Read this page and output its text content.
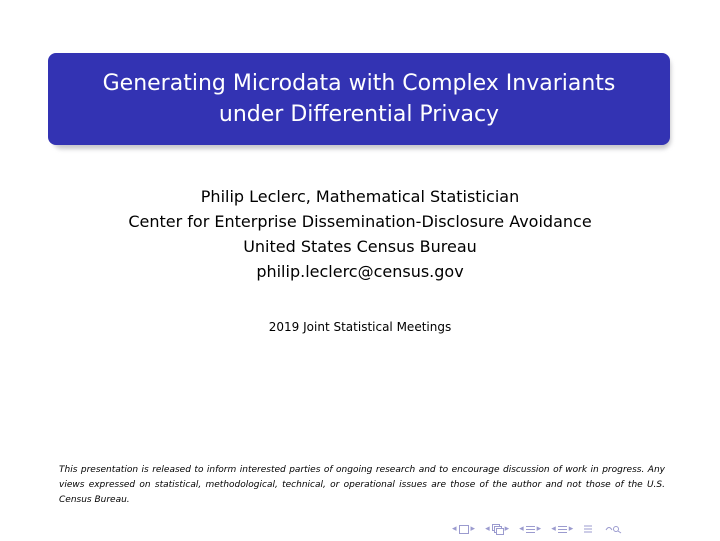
Generating Microdata with Complex Invariants
under Differential Privacy
Philip Leclerc, Mathematical Statistician
Center for Enterprise Dissemination-Disclosure Avoidance
United States Census Bureau
philip.leclerc@census.gov
2019 Joint Statistical Meetings
This presentation is released to inform interested parties of ongoing research and to encourage discussion of work in progress. Any views expressed on statistical, methodological, technical, or operational issues are those of the author and not those of the U.S. Census Bureau.
◂ ▸ ◂ ▸ ◂ ▸ ◂ ▸
